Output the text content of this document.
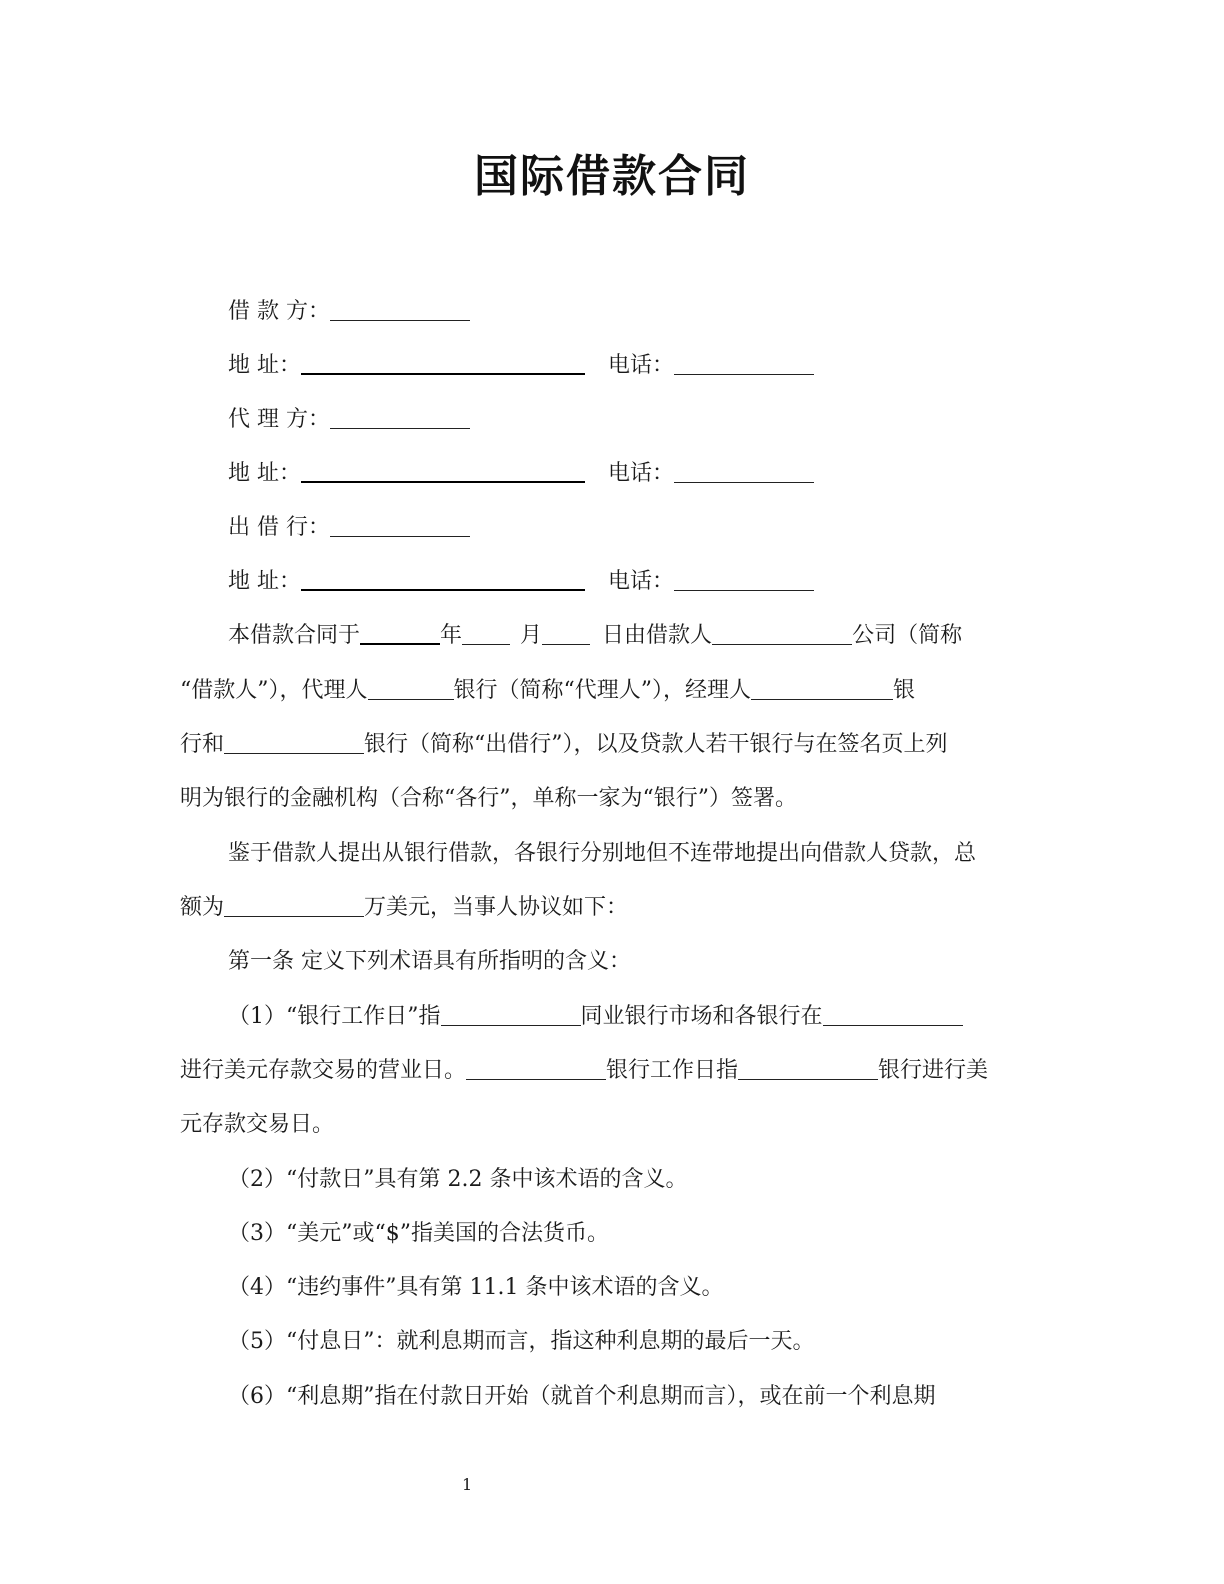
国际借款合同
借 款 方：
地 址：	电话：
代 理 方：
地 址：	电话：
出 借 行：
地 址：	电话：
本借款合同于	年	月	日由借款人	公司（简称
“借款人”），代理人	银行（简称“代理人”），经理人	银
行和	银行（简称“出借行”），以及贷款人若干银行与在签名页上列
明为银行的金融机构（合称“各行”，单称一家为“银行”）签署。
鉴于借款人提出从银行借款，各银行分别地但不连带地提出向借款人贷款，总
额为	万美元，当事人协议如下：
第一条 定义下列术语具有所指明的含义：
（1）“银行工作日”指	同业银行市场和各银行在
进行美元存款交易的营业日。	银行工作日指	银行进行美
元存款交易日。
（2）“付款日”具有第 2.2 条中该术语的含义。
（3）“美元”或“$”指美国的合法货币。
（4）“违约事件”具有第 11.1 条中该术语的含义。
（5）“付息日”：就利息期而言，指这种利息期的最后一天。
（6）“利息期”指在付款日开始（就首个利息期而言），或在前一个利息期
1
